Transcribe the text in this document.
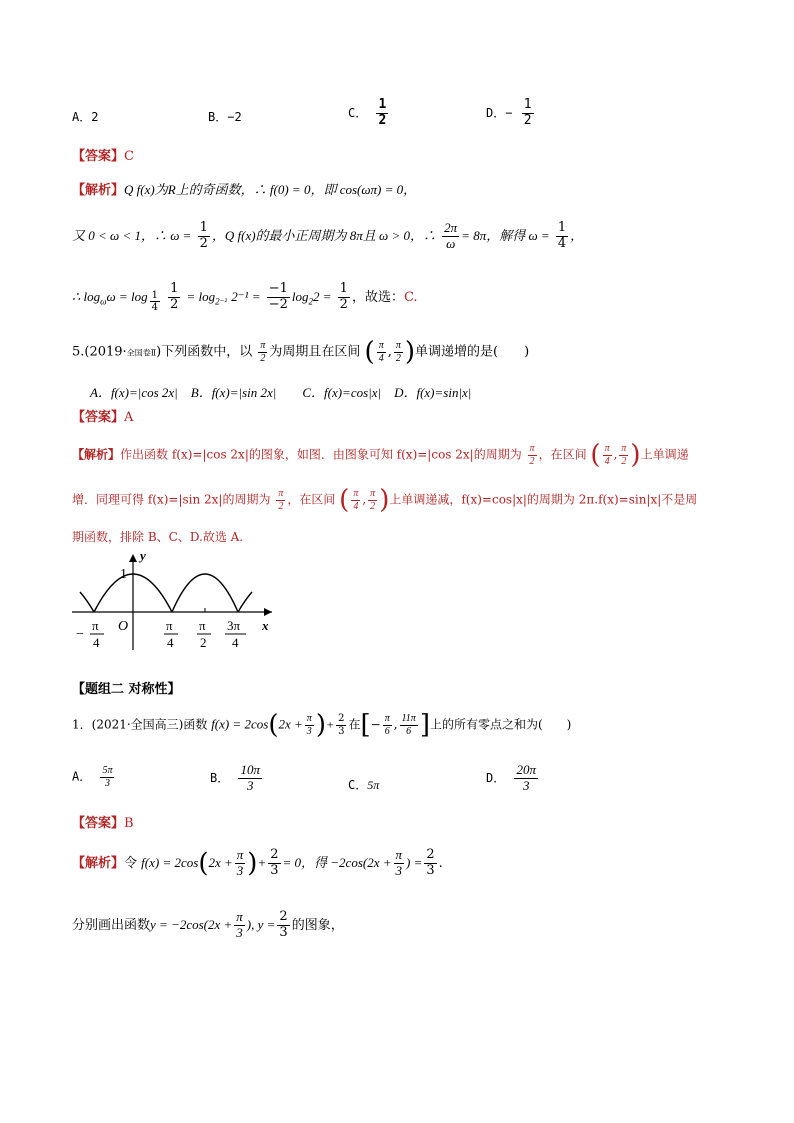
A．2	B．−2	C． $\frac{1}{2}$	D．− $\frac{1}{2}$
【答案】C
【解析】Q f(x)为R上的奇函数，∴ f(0) = 0，即 cos(ωπ) = 0，
又 0 < ω < 1，∴ $\omega = \frac{1}{2}$ ，Q f(x)的最小正周期为 8π且 ω > 0，∴ $\frac{2\pi}{\omega} = 8\pi$，解得 $\omega = \frac{1}{4}$ ，
∴ $\log_\omega\omega = \log _{\frac{1}{4}}$
$\frac{1}{2} = \log_{2^{-2}} 2^{-1} = \frac{-1}{-2} \log_22 = \frac{1}{2}$ ，故选：C.
5.(2019·全国卷Ⅱ)下列函数中，以 $\frac{\pi}{2}$ 为周期且在区间 ( $\frac{\pi}{4}$ , $\frac{\pi}{2}$ )单调递增的是(　　)
A．f(x)=|cos 2x|　B．f(x)=|sin 2x|　　C．f(x)=cos|x|　D．f(x)=sin|x|
【答案】A
【解析】作出函数 f(x)=|cos 2x|的图象，如图．由图象可知 f(x)=|cos 2x|的周期为 $\frac{\pi}{2}$ ，在区间 ( $\frac{\pi}{4}$ , $\frac{\pi}{2}$ )上单调递
增．同理可得 f(x)=|sin 2x|的周期为 $\frac{\pi}{2}$ ，在区间 ( $\frac{\pi}{4}$ , $\frac{\pi}{2}$ )上单调递减，f(x)=cos|x|的周期为 2π.f(x)=sin|x|不是周
期函数，排除 B、C、D.故选 A.
y
x
1
O
−
π
4
π
4
π
2
3π
4
【题组二 对称性】
1．(2021·全国高三)函数 $f(x) = 2\cos(2x + \frac{\pi}{3}$ )+ $\frac{2}{3}$ 在[− $\frac{\pi}{6}$ , $\frac{11\pi}{6}$ ]上的所有零点之和为(　　)
A． $\frac{5\pi}{3}$	B． $\frac{10\pi}{3}$	C．5π
D． $\frac{20\pi}{3}$
【答案】B
【解析】令 $f(x) = 2\cos(2x + \frac{\pi}{3}$ )+ $\frac{2}{3} = 0$，得 $-2\cos(2x + \frac{\pi}{3}$ ) = $\frac{2}{3}$ .
分别画出函数$y = -2\cos(2x + \frac{\pi}{3}$ ), $y = \frac{2}{3}$ 的图象，
